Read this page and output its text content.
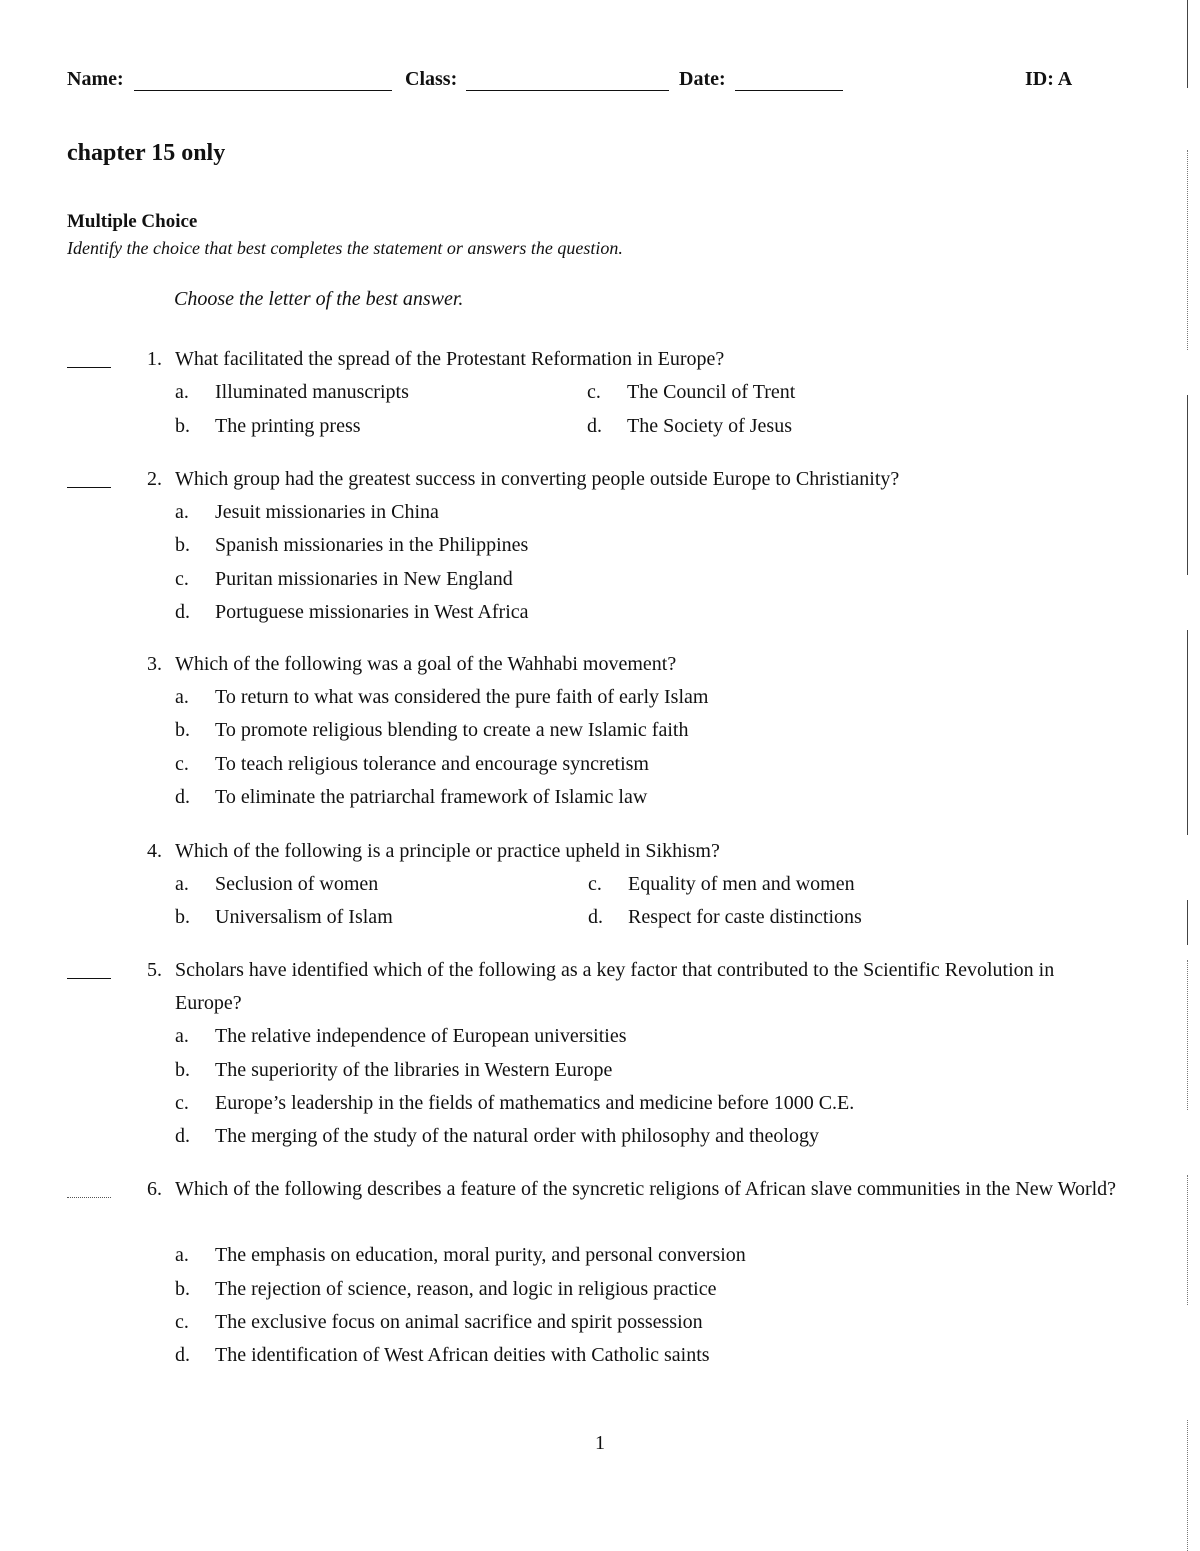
Name:	Class:	Date:	ID: A
chapter 15 only
Multiple Choice
Identify the choice that best completes the statement or answers the question.
Choose the letter of the best answer.
1. What facilitated the spread of the Protestant Reformation in Europe?
a.	Illuminated manuscripts
b.	The printing press
c.	The Council of Trent
d.	The Society of Jesus
2. Which group had the greatest success in converting people outside Europe to Christianity?
a.	Jesuit missionaries in China
b.	Spanish missionaries in the Philippines
c.	Puritan missionaries in New England
d.	Portuguese missionaries in West Africa
3. Which of the following was a goal of the Wahhabi movement?
a.	To return to what was considered the pure faith of early Islam
b.	To promote religious blending to create a new Islamic faith
c.	To teach religious tolerance and encourage syncretism
d.	To eliminate the patriarchal framework of Islamic law
4. Which of the following is a principle or practice upheld in Sikhism?
a.	Seclusion of women
b.	Universalism of Islam
c.	Equality of men and women
d.	Respect for caste distinctions
5. Scholars have identified which of the following as a key factor that contributed to the Scientific Revolution in Europe?
a.	The relative independence of European universities
b.	The superiority of the libraries in Western Europe
c.	Europe’s leadership in the fields of mathematics and medicine before 1000 C.E.
d.	The merging of the study of the natural order with philosophy and theology
6. Which of the following describes a feature of the syncretic religions of African slave communities in the New World?
a.	The emphasis on education, moral purity, and personal conversion
b.	The rejection of science, reason, and logic in religious practice
c.	The exclusive focus on animal sacrifice and spirit possession
d.	The identification of West African deities with Catholic saints
1
